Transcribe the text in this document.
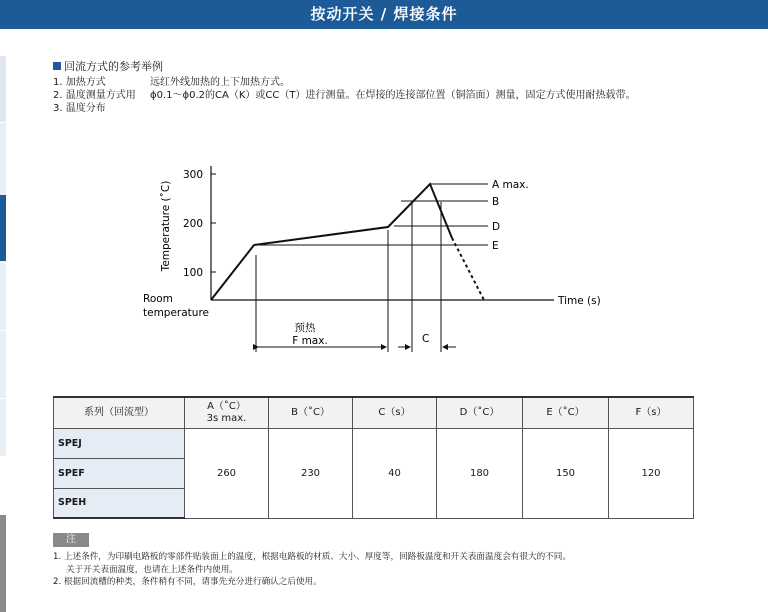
按动开关 / 焊接条件
回流方式的参考举例
1. 加热方式	远红外线加热的上下加热方式。
2. 温度测量方式用 ϕ0.1～ϕ0.2的CA（K）或CC（T）进行测量。在焊接的连接部位置（铜箔面）测量，固定方式使用耐热载带。
3. 温度分布
300
200
100
Temperature (˚C)
Room
temperature
Time (s)
A max.
B
D
E
预热
F max.	C
系列（回流型）	A（˚C）
3s max.	B（˚C）	C（s）	D（˚C）	E（˚C）	F（s）
SPEJ	260	230	40	180	150	120
SPEF						
SPEH						
注
1. 上述条件，为印刷电路板的零部件贴装面上的温度，根据电路板的材质、大小、厚度等，回路板温度和开关表面温度会有很大的不同。
关于开关表面温度，也请在上述条件内使用。
2. 根据回流槽的种类，条件稍有不同，请事先充分进行确认之后使用。
